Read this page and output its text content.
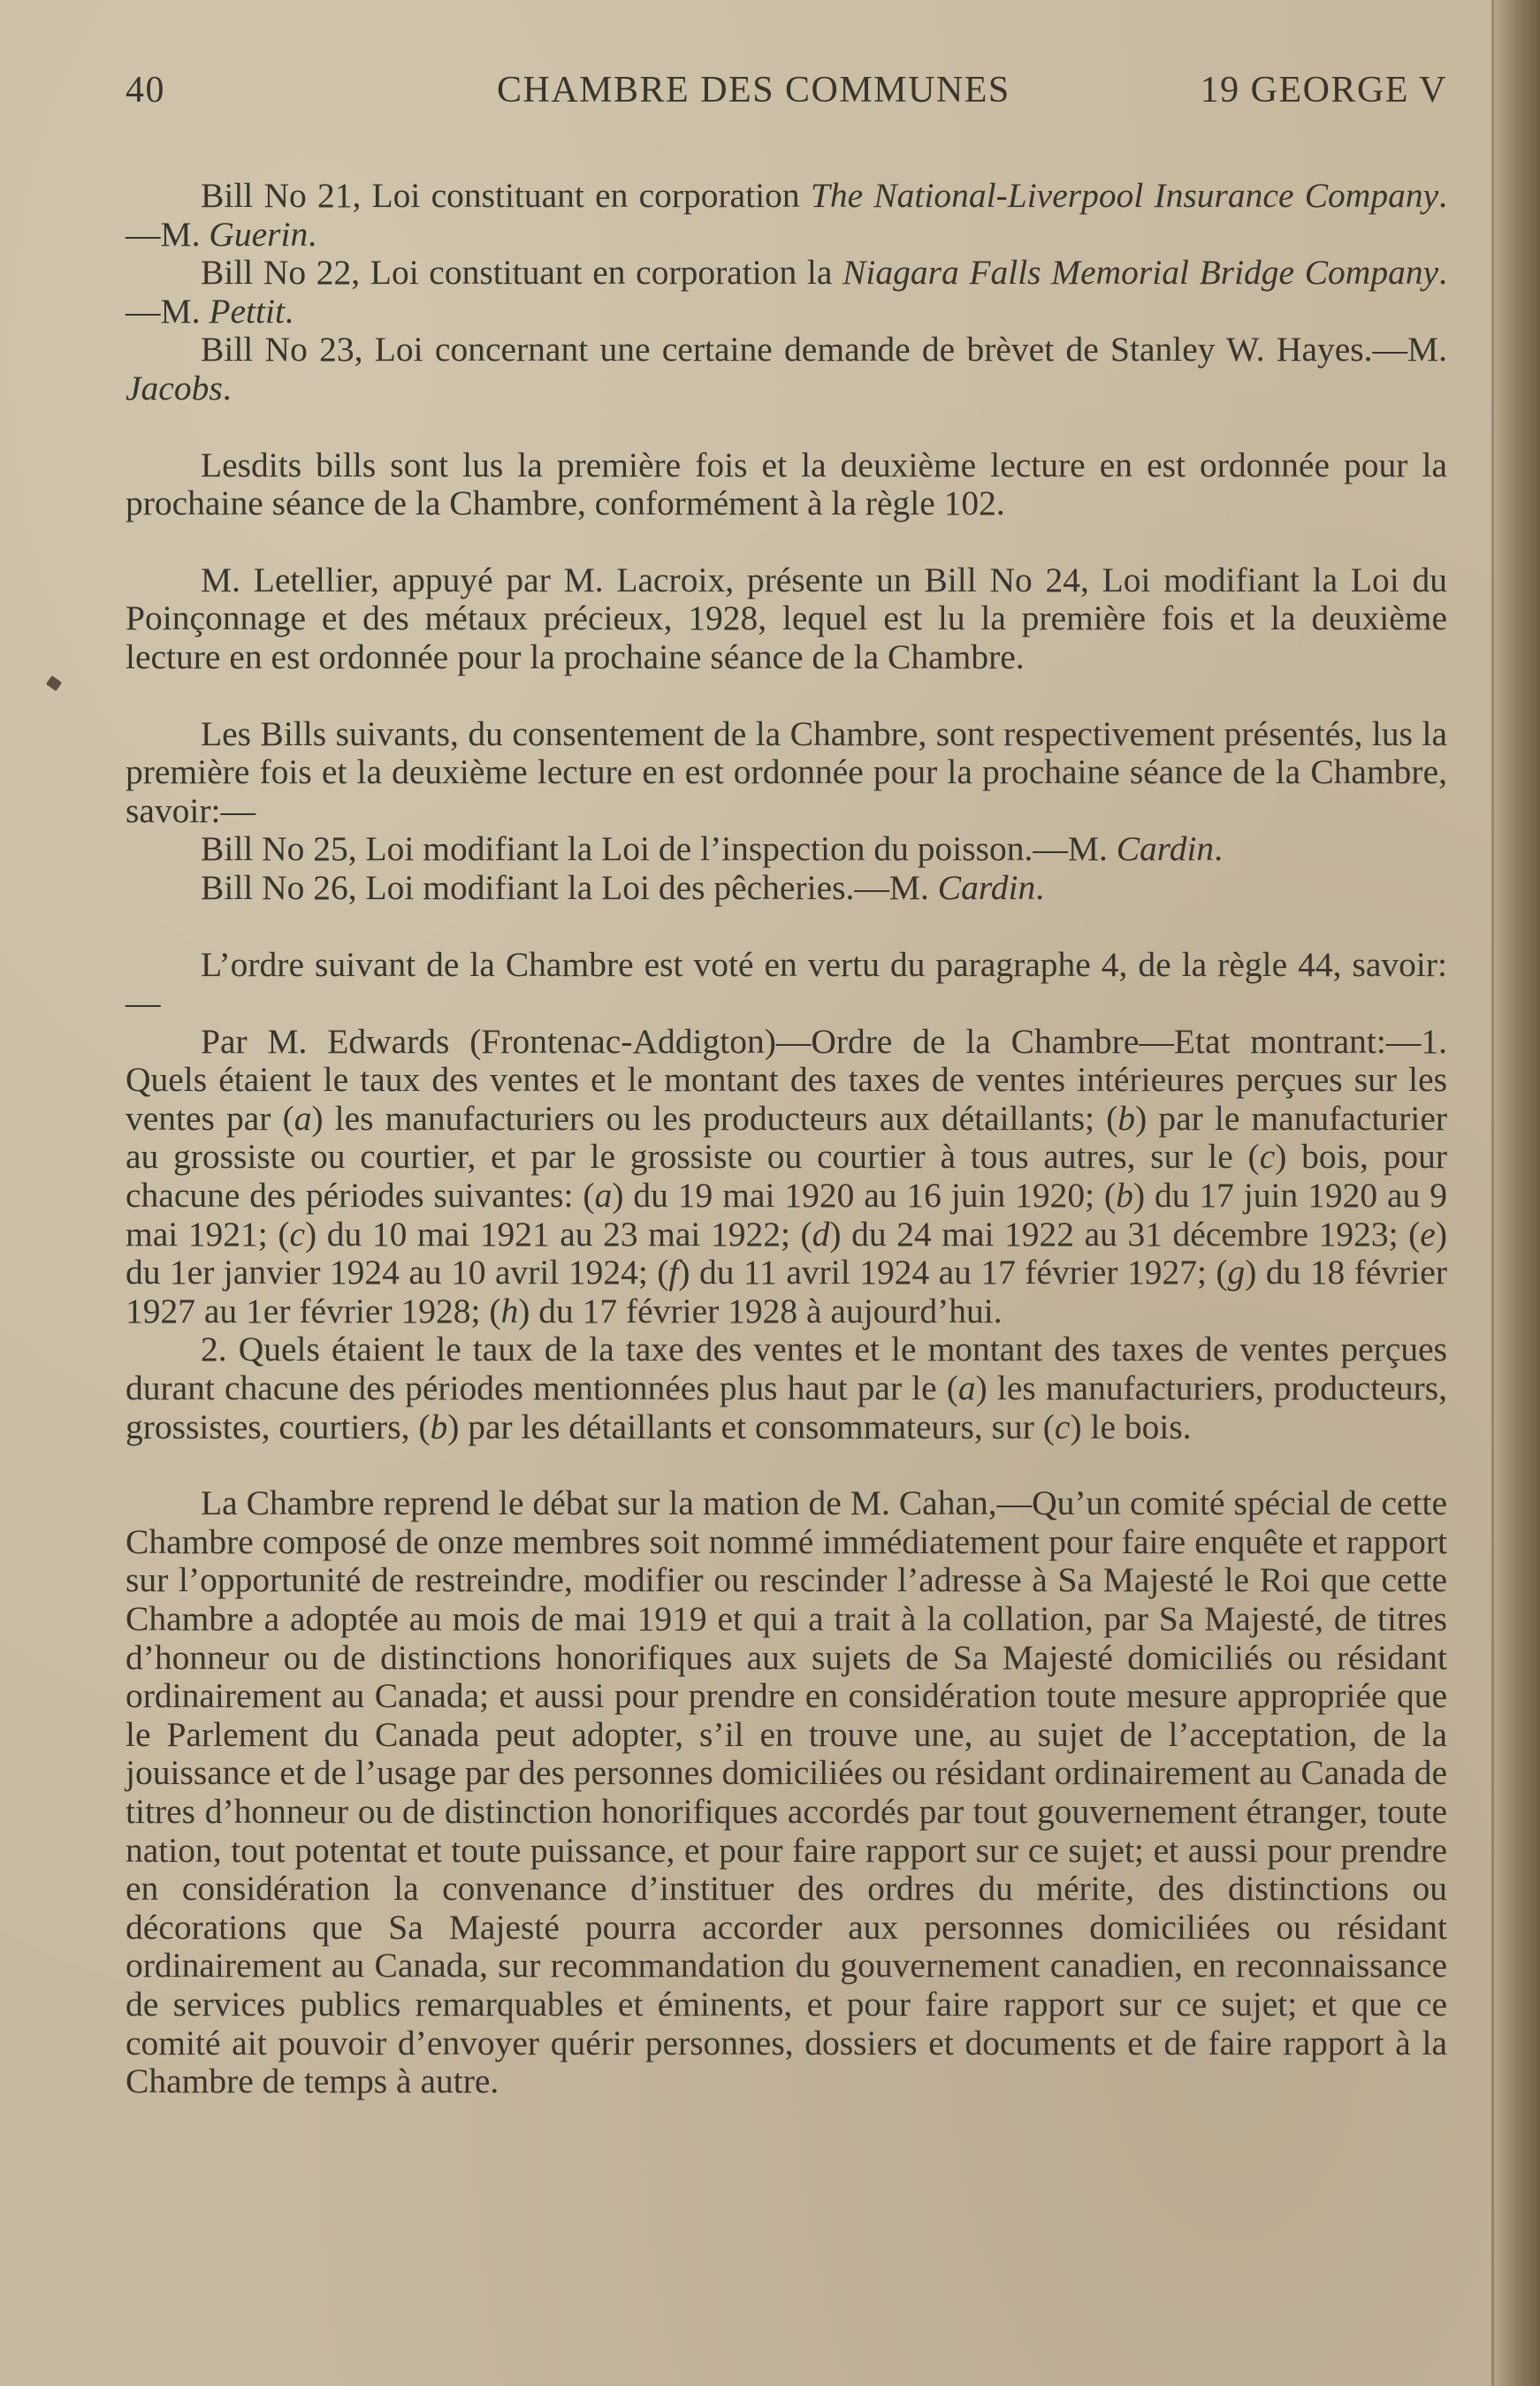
40	CHAMBRE DES COMMUNES	19 GEORGE V

Bill No 21, Loi constituant en corporation The National-Liverpool Insurance Company.—M. Guerin.

Bill No 22, Loi constituant en corporation la Niagara Falls Memorial Bridge Company.—M. Pettit.

Bill No 23, Loi concernant une certaine demande de brèvet de Stanley W. Hayes.—M. Jacobs.

Lesdits bills sont lus la première fois et la deuxième lecture en est ordonnée pour la prochaine séance de la Chambre, conformément à la règle 102.

M. Letellier, appuyé par M. Lacroix, présente un Bill No 24, Loi modifiant la Loi du Poinçonnage et des métaux précieux, 1928, lequel est lu la première fois et la deuxième lecture en est ordonnée pour la prochaine séance de la Chambre.

Les Bills suivants, du consentement de la Chambre, sont respectivement présentés, lus la première fois et la deuxième lecture en est ordonnée pour la prochaine séance de la Chambre, savoir:—

Bill No 25, Loi modifiant la Loi de l’inspection du poisson.—M. Cardin.

Bill No 26, Loi modifiant la Loi des pêcheries.—M. Cardin.

L’ordre suivant de la Chambre est voté en vertu du paragraphe 4, de la règle 44, savoir:—

Par M. Edwards (Frontenac-Addigton)—Ordre de la Chambre—Etat montrant:—1. Quels étaient le taux des ventes et le montant des taxes de ventes intérieures perçues sur les ventes par (a) les manufacturiers ou les producteurs aux détaillants; (b) par le manufacturier au grossiste ou courtier, et par le grossiste ou courtier à tous autres, sur le (c) bois, pour chacune des périodes suivantes: (a) du 19 mai 1920 au 16 juin 1920; (b) du 17 juin 1920 au 9 mai 1921; (c) du 10 mai 1921 au 23 mai 1922; (d) du 24 mai 1922 au 31 décembre 1923; (e) du 1er janvier 1924 au 10 avril 1924; (f) du 11 avril 1924 au 17 février 1927; (g) du 18 février 1927 au 1er février 1928; (h) du 17 février 1928 à aujourd’hui.

2. Quels étaient le taux de la taxe des ventes et le montant des taxes de ventes perçues durant chacune des périodes mentionnées plus haut par le (a) les manufacturiers, producteurs, grossistes, courtiers, (b) par les détaillants et consommateurs, sur (c) le bois.

La Chambre reprend le débat sur la mation de M. Cahan,—Qu’un comité spécial de cette Chambre composé de onze membres soit nommé immédiatement pour faire enquête et rapport sur l’opportunité de restreindre, modifier ou rescinder l’adresse à Sa Majesté le Roi que cette Chambre a adoptée au mois de mai 1919 et qui a trait à la collation, par Sa Majesté, de titres d’honneur ou de distinctions honorifiques aux sujets de Sa Majesté domiciliés ou résidant ordinairement au Canada; et aussi pour prendre en considération toute mesure appropriée que le Parlement du Canada peut adopter, s’il en trouve une, au sujet de l’acceptation, de la jouissance et de l’usage par des personnes domiciliées ou résidant ordinairement au Canada de titres d’honneur ou de distinction honorifiques accordés par tout gouvernement étranger, toute nation, tout potentat et toute puissance, et pour faire rapport sur ce sujet; et aussi pour prendre en considération la convenance d’instituer des ordres du mérite, des distinctions ou décorations que Sa Majesté pourra accorder aux personnes domiciliées ou résidant ordinairement au Canada, sur recommandation du gouvernement canadien, en reconnaissance de services publics remarquables et éminents, et pour faire rapport sur ce sujet; et que ce comité ait pouvoir d’envoyer quérir personnes, dossiers et documents et de faire rapport à la Chambre de temps à autre.
